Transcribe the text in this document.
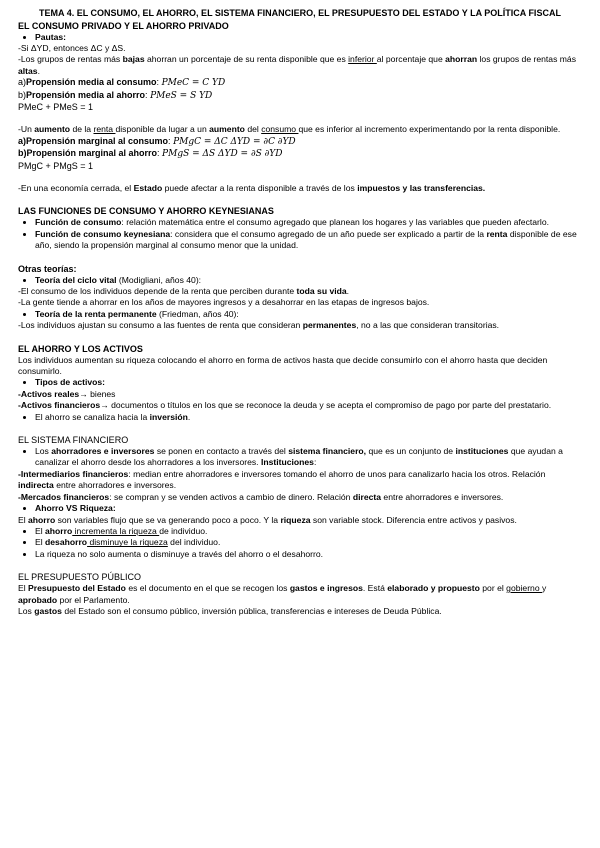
TEMA 4. EL CONSUMO, EL AHORRO, EL SISTEMA FINANCIERO, EL PRESUPUESTO DEL ESTADO Y LA POLÍTICA FISCAL
EL CONSUMO PRIVADO Y EL AHORRO PRIVADO
• Pautas:

-Si ΔYD, entonces ΔC y ΔS.

-Los grupos de rentas más bajas ahorran un porcentaje de su renta disponible que es inferior al porcentaje que ahorran los grupos de rentas más altas.

a)Propensión media al consumo: PMeC = C YD

b)Propensión media al ahorro: PMeS = S YD

PMeC + PMeS = 1

-Un aumento de la renta disponible da lugar a un aumento del consumo que es inferior al incremento experimentando por la renta disponible.

a)Propensión marginal al consumo: PMgC = ΔC ΔYD = ∂C ∂YD

b)Propensión marginal al ahorro: PMgS = ΔS ΔYD = ∂S ∂YD

PMgC + PMgS = 1

-En una economía cerrada, el Estado puede afectar a la renta disponible a través de los impuestos y las transferencias.

LAS FUNCIONES DE CONSUMO Y AHORRO KEYNESIANAS
• Función de consumo: relación matemática entre el consumo agregado que planean los hogares y las variables que pueden afectarlo.
• Función de consumo keynesiana: considera que el consumo agregado de un año puede ser explicado a partir de la renta disponible de ese año, siendo la propensión marginal al consumo menor que la unidad.
Otras teorías:
• Teoría del ciclo vital (Modigliani, años 40):

-El consumo de los individuos depende de la renta que perciben durante toda su vida.

-La gente tiende a ahorrar en los años de mayores ingresos y a desahorrar en las etapas de ingresos bajos.

• Teoría de la renta permanente (Friedman, años 40):

-Los individuos ajustan su consumo a las fuentes de renta que consideran permanentes, no a las que consideran transitorias.

EL AHORRO Y LOS ACTIVOS

Los individuos aumentan su riqueza colocando el ahorro en forma de activos hasta que decide consumirlo con el ahorro hasta que deciden consumirlo.

• Tipos de activos:

-Activos reales→ bienes

-Activos financieros→ documentos o títulos en los que se reconoce la deuda y se acepta el compromiso de pago por parte del prestatario.

• El ahorro se canaliza hacia la inversión.
EL SISTEMA FINANCIERO
• Los ahorradores e inversores se ponen en contacto a través del sistema financiero, que es un conjunto de instituciones que ayudan a canalizar el ahorro desde los ahorradores a los inversores. Instituciones:

-Intermediarios financieros: median entre ahorradores e inversores tomando el ahorro de unos para canalizarlo hacia los otros. Relación indirecta entre ahorradores e inversores.

-Mercados financieros: se compran y se venden activos a cambio de dinero. Relación directa entre ahorradores e inversores.

• Ahorro VS Riqueza:

El ahorro son variables flujo que se va generando poco a poco. Y la riqueza son variable stock. Diferencia entre activos y pasivos.

• El ahorro incrementa la riqueza de individuo.
• El desahorro disminuye la riqueza del individuo.
• La riqueza no solo aumenta o disminuye a través del ahorro o el desahorro.
EL PRESUPUESTO PÚBLICO

El Presupuesto del Estado es el documento en el que se recogen los gastos e ingresos. Está elaborado y propuesto por el gobierno y aprobado por el Parlamento.

Los gastos del Estado son el consumo público, inversión pública, transferencias e intereses de Deuda Pública.
